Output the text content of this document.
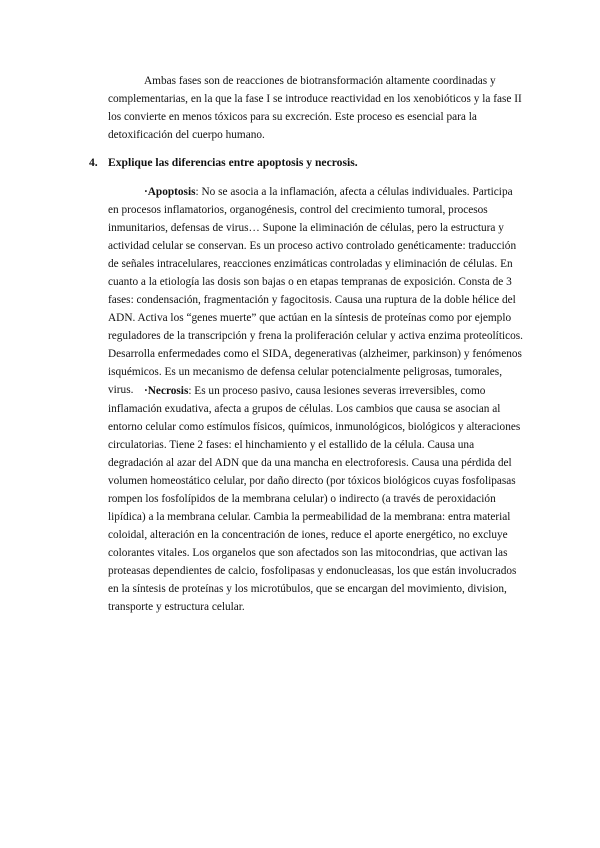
Ambas fases son de reacciones de biotransformación altamente coordinadas y complementarias, en la que la fase I se introduce reactividad en los xenobióticos y la fase II los convierte en menos tóxicos para su excreción. Este proceso es esencial para la detoxificación del cuerpo humano.

4. Explique las diferencias entre apoptosis y necrosis.

·Apoptosis: No se asocia a la inflamación, afecta a células individuales. Participa en procesos inflamatorios, organogénesis, control del crecimiento tumoral, procesos inmunitarios, defensas de virus… Supone la eliminación de células, pero la estructura y actividad celular se conservan. Es un proceso activo controlado genéticamente: traducción de señales intracelulares, reacciones enzimáticas controladas y eliminación de células. En cuanto a la etiología las dosis son bajas o en etapas tempranas de exposición. Consta de 3 fases: condensación, fragmentación y fagocitosis. Causa una ruptura de la doble hélice del ADN. Activa los “genes muerte” que actúan en la síntesis de proteínas como por ejemplo reguladores de la transcripción y frena la proliferación celular y activa enzima proteolíticos. Desarrolla enfermedades como el SIDA, degenerativas (alzheimer, parkinson) y fenómenos isquémicos. Es un mecanismo de defensa celular potencialmente peligrosas, tumorales, virus. ·Necrosis: Es un proceso pasivo, causa lesiones severas irreversibles, como inflamación exudativa, afecta a grupos de células. Los cambios que causa se asocian al entorno celular como estímulos físicos, químicos, inmunológicos, biológicos y alteraciones circulatorias. Tiene 2 fases: el hinchamiento y el estallido de la célula. Causa una degradación al azar del ADN que da una mancha en electroforesis. Causa una pérdida del volumen homeostático celular, por daño directo (por tóxicos biológicos cuyas fosfolipasas rompen los fosfolípidos de la membrana celular) o indirecto (a través de peroxidación lipídica) a la membrana celular. Cambia la permeabilidad de la membrana: entra material coloidal, alteración en la concentración de iones, reduce el aporte energético, no excluye colorantes vitales. Los organelos que son afectados son las mitocondrias, que activan las proteasas dependientes de calcio, fosfolipasas y endonucleasas, los que están involucrados en la síntesis de proteínas y los microtúbulos, que se encargan del movimiento, division, transporte y estructura celular.
